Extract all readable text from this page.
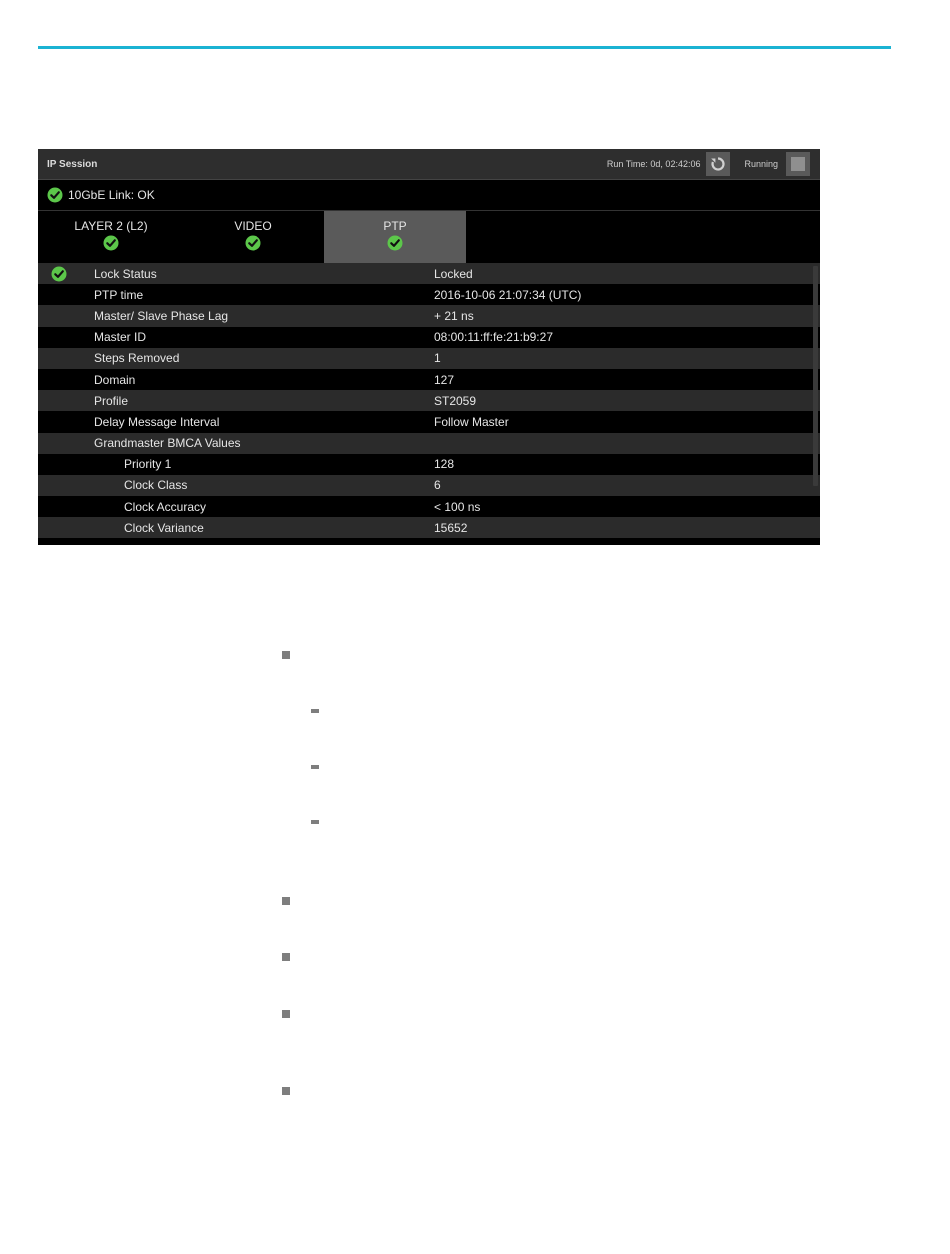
IP Session	Run Time: 0d, 02:42:06	Running
10GbE Link: OK
LAYER 2 (L2)	VIDEO	PTP
Lock Status	Locked
PTP time	2016-10-06 21:07:34 (UTC)
Master/ Slave Phase Lag	+ 21 ns
Master ID	08:00:11:ff:fe:21:b9:27
Steps Removed	1
Domain	127
Profile	ST2059
Delay Message Interval	Follow Master
Grandmaster BMCA Values
Priority 1	128
Clock Class	6
Clock Accuracy	< 100 ns
Clock Variance	15652
